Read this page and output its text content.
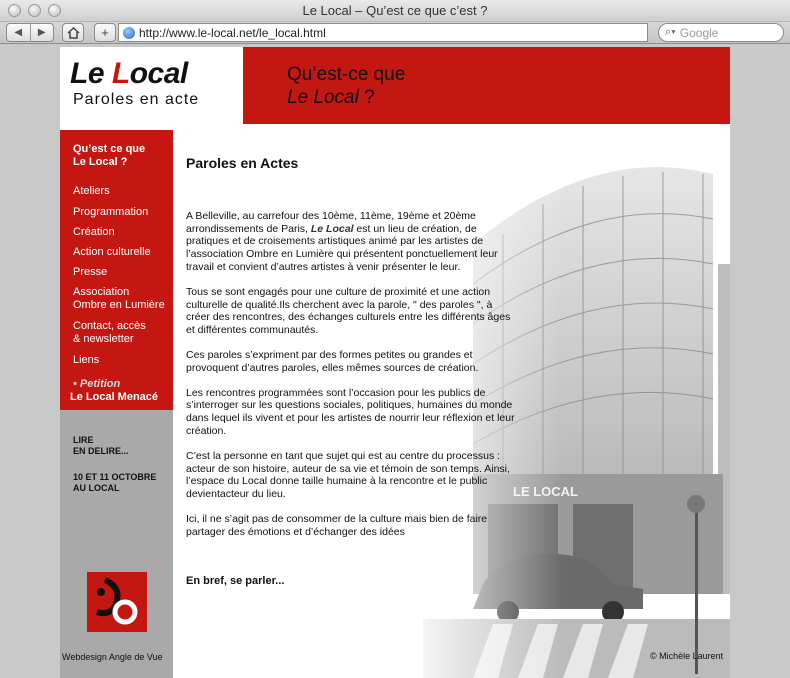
Le Local – Qu’est ce que c’est ?
◀ ▶	+	http://www.le-local.net/le_local.html	⌕▾ Google
Le Local
Paroles en acte
Qu’est-ce que
Le Local ?
Qu’est ce que
Le Local ?
Ateliers
Programmation
Création
Action culturelle
Presse
Association
Ombre en Lumière
Contact, accès
& newsletter
Liens
• Petition
Le Local Menacé
LIRE
EN DELIRE...
10 ET 11 OCTOBRE
AU LOCAL
Webdesign Angle de Vue
Paroles en Actes

A Belleville, au carrefour des 10ème, 11ème, 19ème et 20ème arrondissements de Paris, Le Local est un lieu de création, de pratiques et de croisements artistiques animé par les artistes de l’association Ombre en Lumière qui présentent ponctuellement leur travail et convient d’autres artistes à venir présenter le leur.

Tous se sont engagés pour une culture de proximité et une action culturelle de qualité.Ils cherchent avec la parole, " des paroles ", à créer des rencontres, des échanges culturels entre les différents âges et différentes communautés.

Ces paroles s’expriment par des formes petites ou grandes et provoquent d’autres paroles, elles mêmes sources de création.

Les rencontres programmées sont l’occasion pour les publics de s’interroger sur les questions sociales, politiques, humaines du monde dans lequel ils vivent et pour les artistes de nourrir leur réflexion et leur création.

C’est la personne en tant que sujet qui est au centre du processus : acteur de son histoire, auteur de sa vie et témoin de son temps. Ainsi, l’espace du Local donne taille humaine à la rencontre et le public devientacteur du lieu.

Ici, il ne s’agit pas de consommer de la culture mais bien de faire partager des émotions et d’échanger des idées

En bref, se parler...
© Michèle Laurent
